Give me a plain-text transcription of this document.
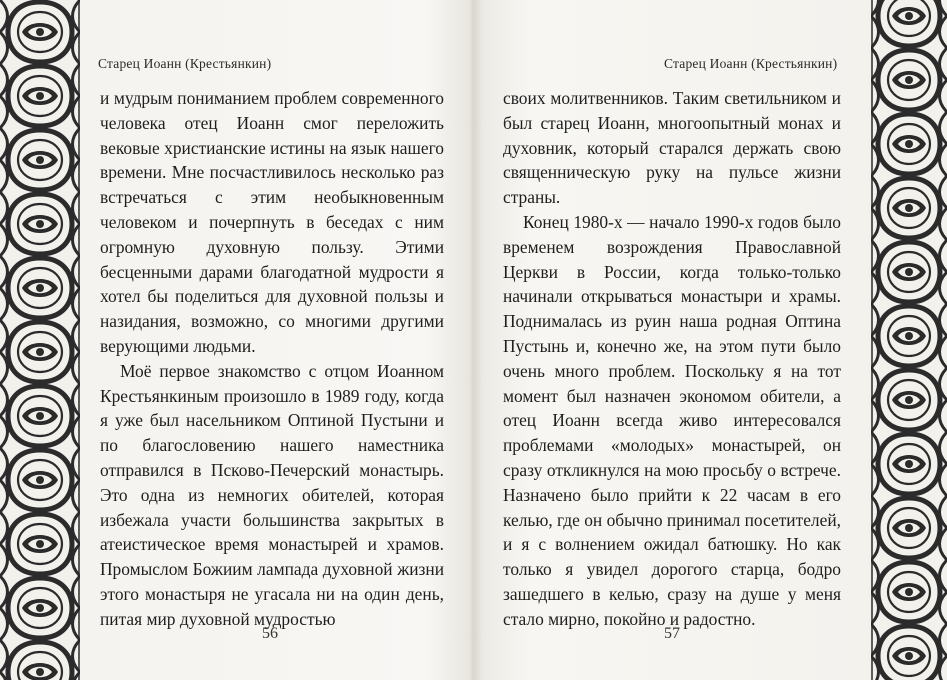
Старец Иоанн (Крестьянкин)	Старец Иоанн (Крестьянкин)

и мудрым пониманием проблем современного человека отец Иоанн смог переложить вековые христианские истины на язык нашего времени. Мне посчастливилось несколько раз встречаться с этим необыкновенным человеком и почерпнуть в беседах с ним огромную духовную пользу. Этими бесценными дарами благодатной мудрости я хотел бы поделиться для духовной пользы и назидания, возможно, со многими другими верующими людьми.

Моё первое знакомство с отцом Иоанном Крестьянкиным произошло в 1989 году, когда я уже был насельником Оптиной Пустыни и по благословению нашего наместника отправился в Псково-Печерский монастырь. Это одна из немногих обителей, которая избежала участи большинства закрытых в атеистическое время монастырей и храмов. Промыслом Божиим лампада духовной жизни этого монастыря не угасала ни на один день, питая мир духовной мудростью

своих молитвенников. Таким светильником и был старец Иоанн, многоопытный монах и духовник, который старался держать свою священническую руку на пульсе жизни страны.

Конец 1980-х — начало 1990-х годов было временем возрождения Православной Церкви в России, когда только-только начинали открываться монастыри и храмы. Поднималась из руин наша родная Оптина Пустынь и, конечно же, на этом пути было очень много проблем. Поскольку я на тот момент был назначен экономом обители, а отец Иоанн всегда живо интересовался проблемами «молодых» монастырей, он сразу откликнулся на мою просьбу о встрече. Назначено было прийти к 22 часам в его келью, где он обычно принимал посетителей, и я с волнением ожидал батюшку. Но как только я увидел дорогого старца, бодро зашедшего в келью, сразу на душе у меня стало мирно, покойно и радостно.

56	57
